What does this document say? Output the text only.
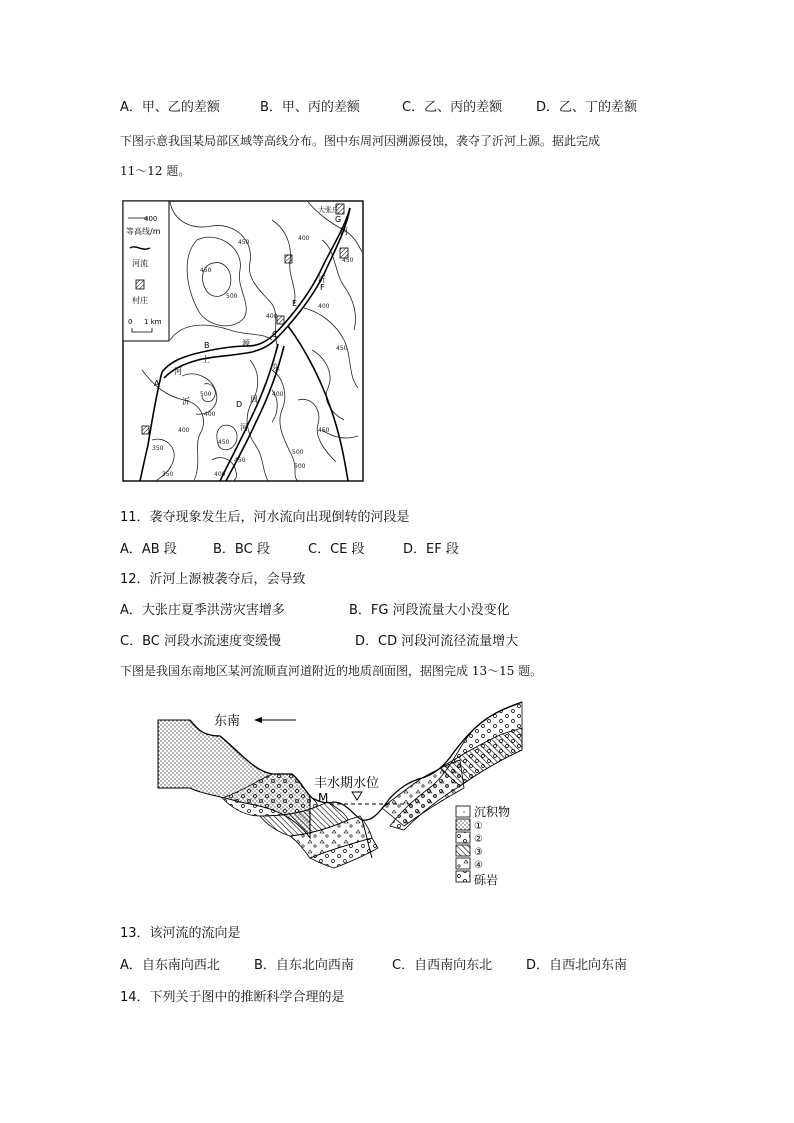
A．甲、乙的差额	B．甲、丙的差额	C．乙、丙的差额	D．乙、丁的差额
下图示意我国某局部区域等高线分布。图中东周河因溯源侵蚀，袭夺了沂河上源。据此完成
11～12 题。
400
等高线/m
河流
村庄
0 1 km
G
F
E
C
B
A
D
大张庄
河
沂
上
源
河
沂
东
周
河
400
450
500
400
450
400
450
500
450
400
350
400
400
450
500
450
350	400
450
500
11．袭夺现象发生后，河水流向出现倒转的河段是
A．AB 段	B．BC 段	C．CE 段	D．EF 段
12．沂河上源被袭夺后，会导致
A．大张庄夏季洪涝灾害增多	B．FG 河段流量大小没变化
C．BC 河段水流速度变缓慢	D．CD 河段河流径流量增大
下图是我国东南地区某河流顺直河道附近的地质剖面图，据图完成 13～15 题。
东南
丰水期水位
M
沉积物
①
②
③
④
砾岩
13．该河流的流向是
A．自东南向西北	B．自东北向西南	C．自西南向东北	D．自西北向东南
14．下列关于图中的推断科学合理的是
